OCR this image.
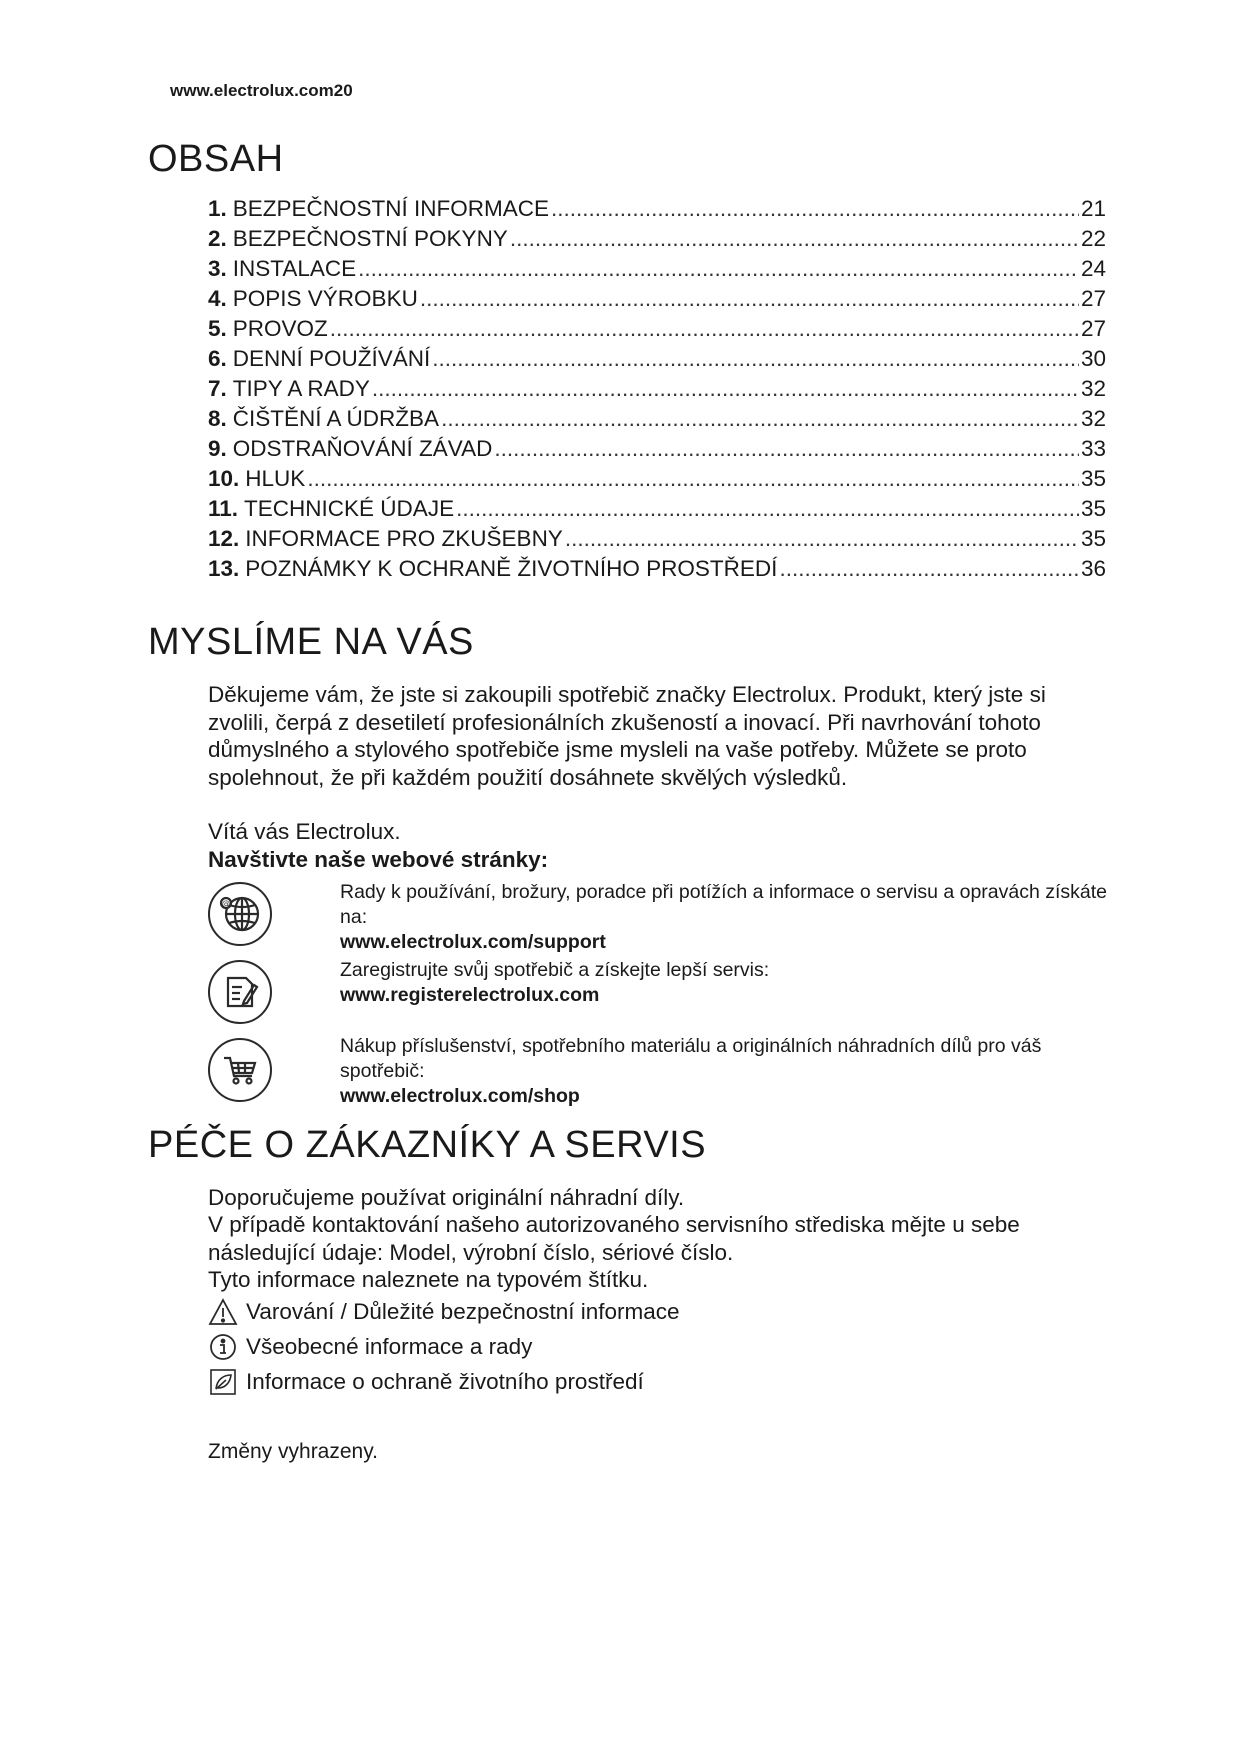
www.electrolux.com20
OBSAH
1. BEZPEČNOSTNÍ INFORMACE .....	21
2. BEZPEČNOSTNÍ POKYNY .....	22
3. INSTALACE .....	24
4. POPIS VÝROBKU .....	27
5. PROVOZ .....	27
6. DENNÍ POUŽÍVÁNÍ .....	30
7. TIPY A RADY .....	32
8. ČIŠTĚNÍ A ÚDRŽBA .....	32
9. ODSTRAŇOVÁNÍ ZÁVAD .....	33
10. HLUK .....	35
11. TECHNICKÉ ÚDAJE .....	35
12. INFORMACE PRO ZKUŠEBNY .....	35
13. POZNÁMKY K OCHRANĚ ŽIVOTNÍHO PROSTŘEDÍ .....	36
MYSLÍME NA VÁS
Děkujeme vám, že jste si zakoupili spotřebič značky Electrolux. Produkt, který jste si zvolili, čerpá z desetiletí profesionálních zkušeností a inovací. Při navrhování tohoto důmyslného a stylového spotřebiče jsme mysleli na vaše potřeby. Můžete se proto spolehnout, že při každém použití dosáhnete skvělých výsledků.
Vítá vás Electrolux.
Navštivte naše webové stránky:
@
Rady k používání, brožury, poradce při potížích a informace o servisu a opravách získáte na:
www.electrolux.com/support
Zaregistrujte svůj spotřebič a získejte lepší servis:
www.registerelectrolux.com
Nákup příslušenství, spotřebního materiálu a originálních náhradních dílů pro váš spotřebič:
www.electrolux.com/shop
PÉČE O ZÁKAZNÍKY A SERVIS
Doporučujeme používat originální náhradní díly.
V případě kontaktování našeho autorizovaného servisního střediska mějte u sebe následující údaje: Model, výrobní číslo, sériové číslo.
Tyto informace naleznete na typovém štítku.
Varování / Důležité bezpečnostní informace
Všeobecné informace a rady
Informace o ochraně životního prostředí
Změny vyhrazeny.
